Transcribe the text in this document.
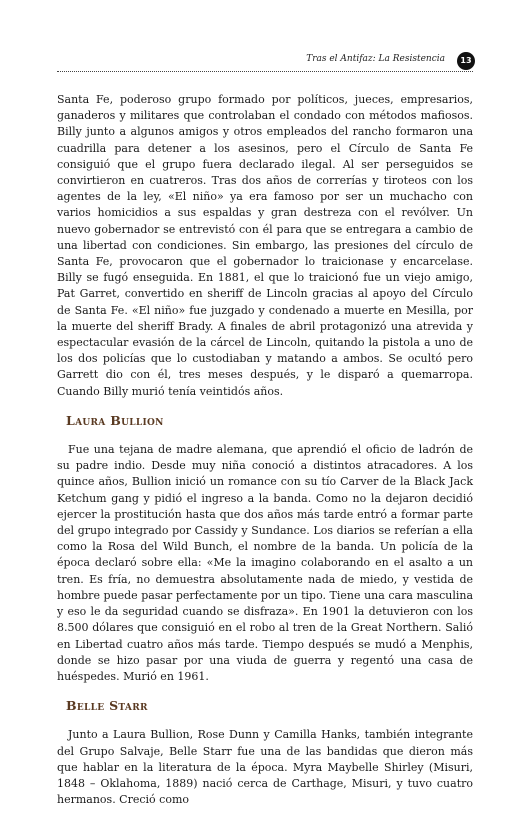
Tras el Antifaz: La Resistencia	13

Santa Fe, poderoso grupo formado por políticos, jueces, empresarios, ganaderos y militares que controlaban el condado con métodos mafiosos. Billy junto a algunos amigos y otros empleados del rancho formaron una cuadrilla para detener a los asesinos, pero el Círculo de Santa Fe consiguió que el grupo fuera declarado ilegal. Al ser perseguidos se convirtieron en cuatreros. Tras dos años de correrías y tiroteos con los agentes de la ley, «El niño» ya era famoso por ser un muchacho con varios homicidios a sus espaldas y gran destreza con el revólver. Un nuevo gobernador se entrevistó con él para que se entregara a cambio de una libertad con condiciones. Sin embargo, las presiones del círculo de Santa Fe, provocaron que el gobernador lo traicionase y encarcelase. Billy se fugó enseguida. En 1881, el que lo traicionó fue un viejo amigo, Pat Garret, convertido en sheriff de Lincoln gracias al apoyo del Círculo de Santa Fe. «El niño» fue juzgado y condenado a muerte en Mesilla, por la muerte del sheriff Brady. A finales de abril protagonizó una atrevida y espectacular evasión de la cárcel de Lincoln, quitando la pistola a uno de los dos policías que lo custodiaban y matando a ambos. Se ocultó pero Garrett dio con él, tres meses después, y le disparó a quemarropa. Cuando Billy murió tenía veintidós años.

Laura Bullion

Fue una tejana de madre alemana, que aprendió el oficio de ladrón de su padre indio. Desde muy niña conoció a distintos atracadores. A los quince años, Bullion inició un romance con su tío Carver de la Black Jack Ketchum gang y pidió el ingreso a la banda. Como no la dejaron decidió ejercer la prostitución hasta que dos años más tarde entró a formar parte del grupo integrado por Cassidy y Sundance. Los diarios se referían a ella como la Rosa del Wild Bunch, el nombre de la banda. Un policía de la época declaró sobre ella: «Me la imagino colaborando en el asalto a un tren. Es fría, no demuestra absolutamente nada de miedo, y vestida de hombre puede pasar perfectamente por un tipo. Tiene una cara masculina y eso le da seguridad cuando se disfraza». En 1901 la detuvieron con los 8.500 dólares que consiguió en el robo al tren de la Great Northern. Salió en Libertad cuatro años más tarde. Tiempo después se mudó a Menphis, donde se hizo pasar por una viuda de guerra y regentó una casa de huéspedes. Murió en 1961.

Belle Starr

Junto a Laura Bullion, Rose Dunn y Camilla Hanks, también integrante del Grupo Salvaje, Belle Starr fue una de las bandidas que dieron más que hablar en la literatura de la época. Myra Maybelle Shirley (Misuri, 1848 – Oklahoma, 1889) nació cerca de Carthage, Misuri, y tuvo cuatro hermanos. Creció como
